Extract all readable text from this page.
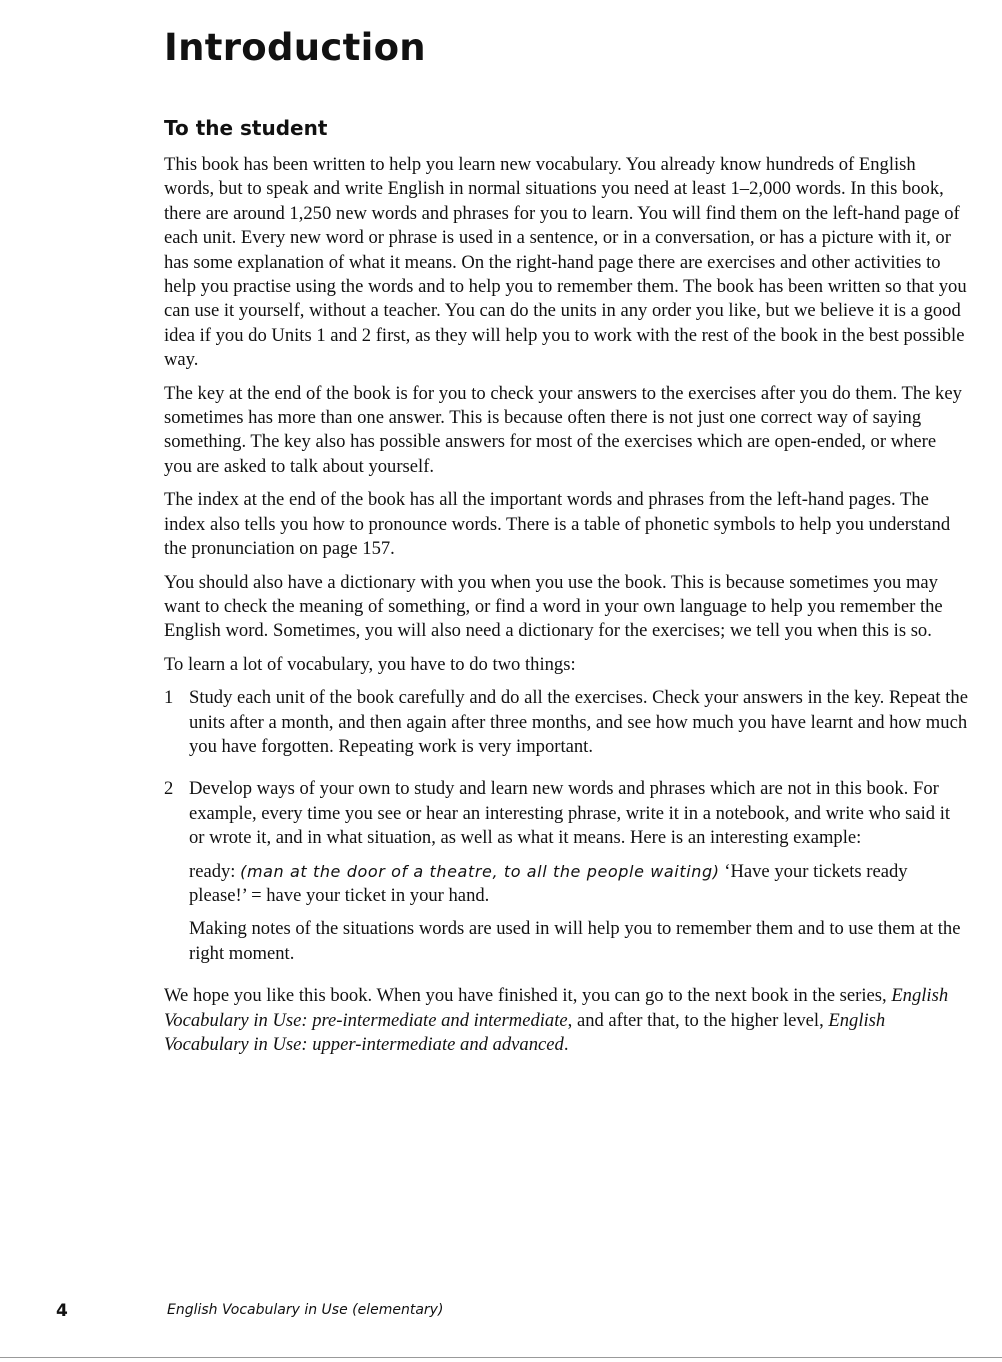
Introduction
To the student

This book has been written to help you learn new vocabulary. You already know hundreds of English words, but to speak and write English in normal situations you need at least 1–2,000 words. In this book, there are around 1,250 new words and phrases for you to learn. You will find them on the left-hand page of each unit. Every new word or phrase is used in a sentence, or in a conversation, or has a picture with it, or has some explanation of what it means. On the right-hand page there are exercises and other activities to help you practise using the words and to help you to remember them. The book has been written so that you can use it yourself, without a teacher. You can do the units in any order you like, but we believe it is a good idea if you do Units 1 and 2 first, as they will help you to work with the rest of the book in the best possible way.

The key at the end of the book is for you to check your answers to the exercises after you do them. The key sometimes has more than one answer. This is because often there is not just one correct way of saying something. The key also has possible answers for most of the exercises which are open-ended, or where you are asked to talk about yourself.

The index at the end of the book has all the important words and phrases from the left-hand pages. The index also tells you how to pronounce words. There is a table of phonetic symbols to help you understand the pronunciation on page 157.

You should also have a dictionary with you when you use the book. This is because sometimes you may want to check the meaning of something, or find a word in your own language to help you remember the English word. Sometimes, you will also need a dictionary for the exercises; we tell you when this is so.

To learn a lot of vocabulary, you have to do two things:

1 Study each unit of the book carefully and do all the exercises. Check your answers in the key. Repeat the units after a month, and then again after three months, and see how much you have learnt and how much you have forgotten. Repeating work is very important.

2 Develop ways of your own to study and learn new words and phrases which are not in this book. For example, every time you see or hear an interesting phrase, write it in a notebook, and write who said it or wrote it, and in what situation, as well as what it means. Here is an interesting example:

ready: (man at the door of a theatre, to all the people waiting) ‘Have your tickets ready please!’ = have your ticket in your hand.

Making notes of the situations words are used in will help you to remember them and to use them at the right moment.

We hope you like this book. When you have finished it, you can go to the next book in the series, English Vocabulary in Use: pre-intermediate and intermediate, and after that, to the higher level, English Vocabulary in Use: upper-intermediate and advanced.

4	English Vocabulary in Use (elementary)
